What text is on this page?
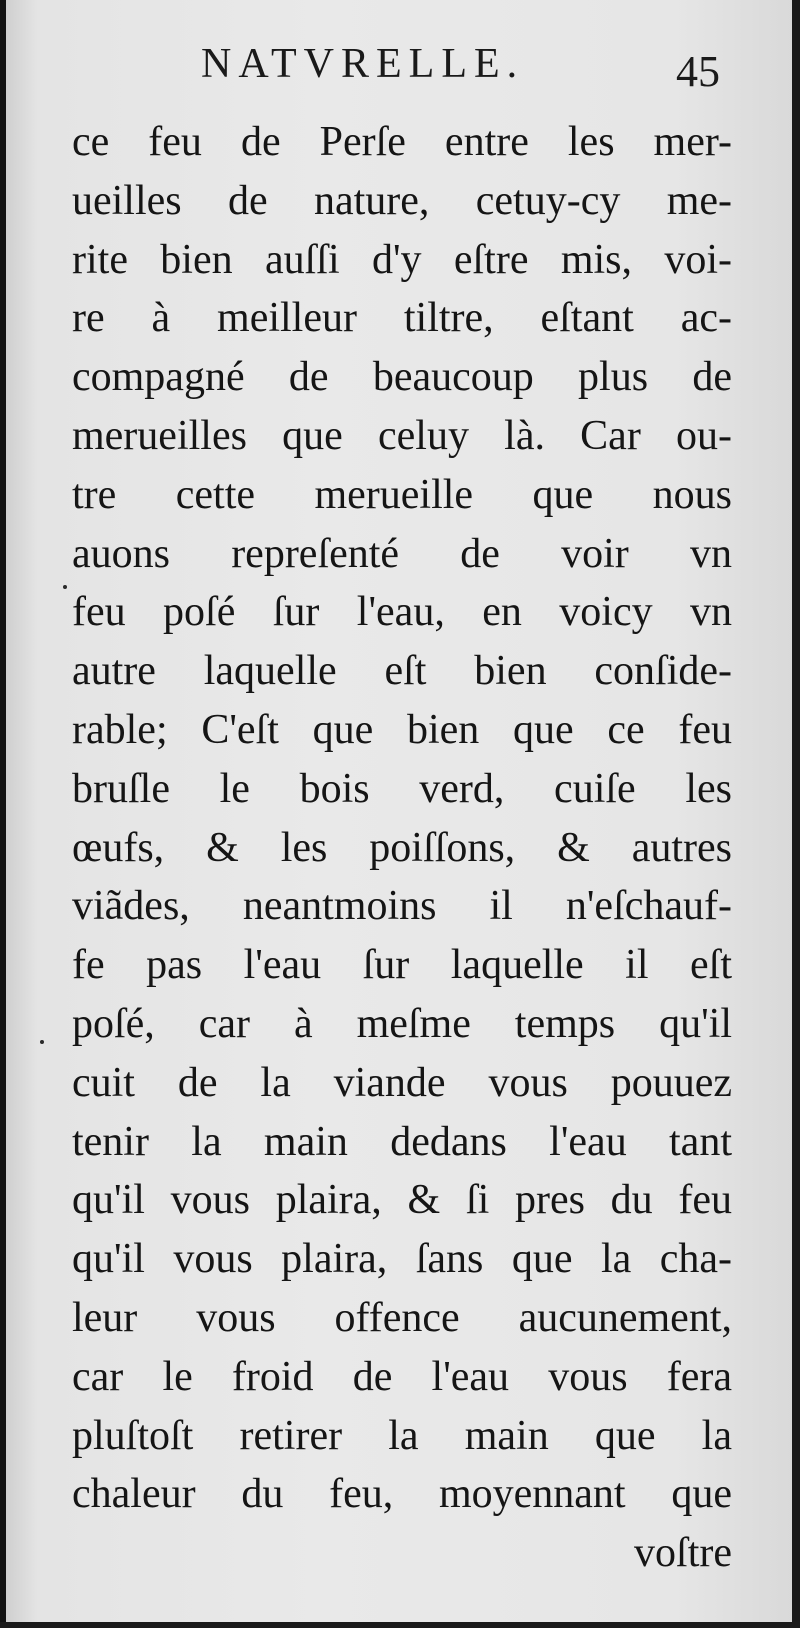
NATVRELLE.	45
ce feu de Perſe entre les mer-
ueilles de nature, cetuy-cy me-
rite bien auſſi d'y eſtre mis, voi-
re à meilleur tiltre, eſtant ac-
compagné de beaucoup plus de
merueilles que celuy là. Car ou-
tre cette merueille que nous
auons repreſenté de voir vn
feu poſé ſur l'eau, en voicy vn
autre laquelle eſt bien conſide-
rable; C'eſt que bien que ce feu
bruſle le bois verd, cuiſe les
œufs, & les poiſſons, & autres
viãdes, neantmoins il n'eſchauf-
fe pas l'eau ſur laquelle il eſt
poſé, car à meſme temps qu'il
cuit de la viande vous pouuez
tenir la main dedans l'eau tant
qu'il vous plaira, & ſi pres du feu
qu'il vous plaira, ſans que la cha-
leur vous offence aucunement,
car le froid de l'eau vous fera
pluſtoſt retirer la main que la
chaleur du feu, moyennant que
voſtre
